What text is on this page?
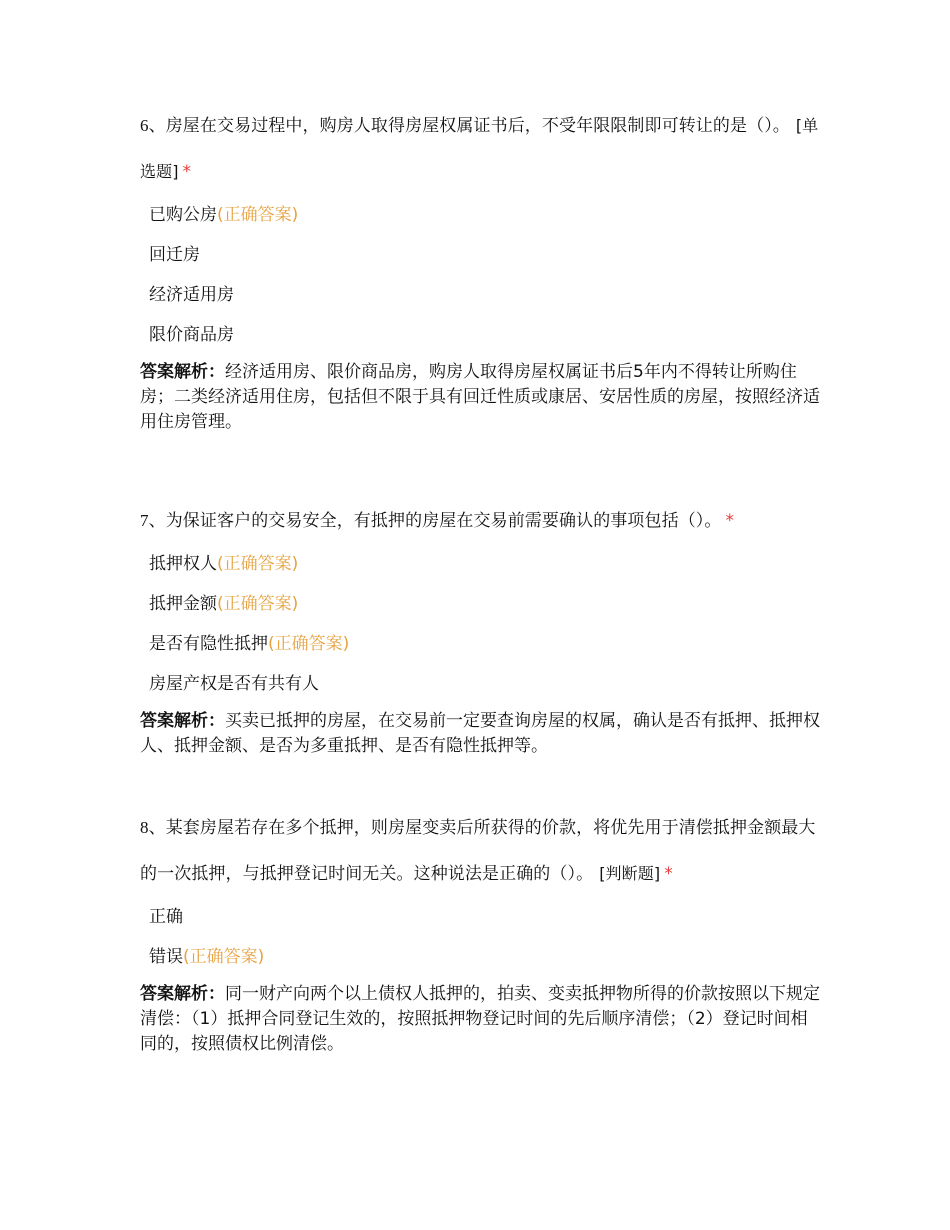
6、房屋在交易过程中，购房人取得房屋权属证书后，不受年限限制即可转让的是（）。 [单选题] *

已购公房(正确答案)
回迁房
经济适用房
限价商品房

答案解析：经济适用房、限价商品房，购房人取得房屋权属证书后5年内不得转让所购住房；二类经济适用住房，包括但不限于具有回迁性质或康居、安居性质的房屋，按照经济适用住房管理。

7、为保证客户的交易安全，有抵押的房屋在交易前需要确认的事项包括（）。 *

抵押权人(正确答案)
抵押金额(正确答案)
是否有隐性抵押(正确答案)
房屋产权是否有共有人

答案解析：买卖已抵押的房屋，在交易前一定要查询房屋的权属，确认是否有抵押、抵押权人、抵押金额、是否为多重抵押、是否有隐性抵押等。

8、某套房屋若存在多个抵押，则房屋变卖后所获得的价款，将优先用于清偿抵押金额最大的一次抵押，与抵押登记时间无关。这种说法是正确的（）。 [判断题] *

正确
错误(正确答案)

答案解析：同一财产向两个以上债权人抵押的，拍卖、变卖抵押物所得的价款按照以下规定清偿：（1）抵押合同登记生效的，按照抵押物登记时间的先后顺序清偿；（2）登记时间相同的，按照债权比例清偿。
